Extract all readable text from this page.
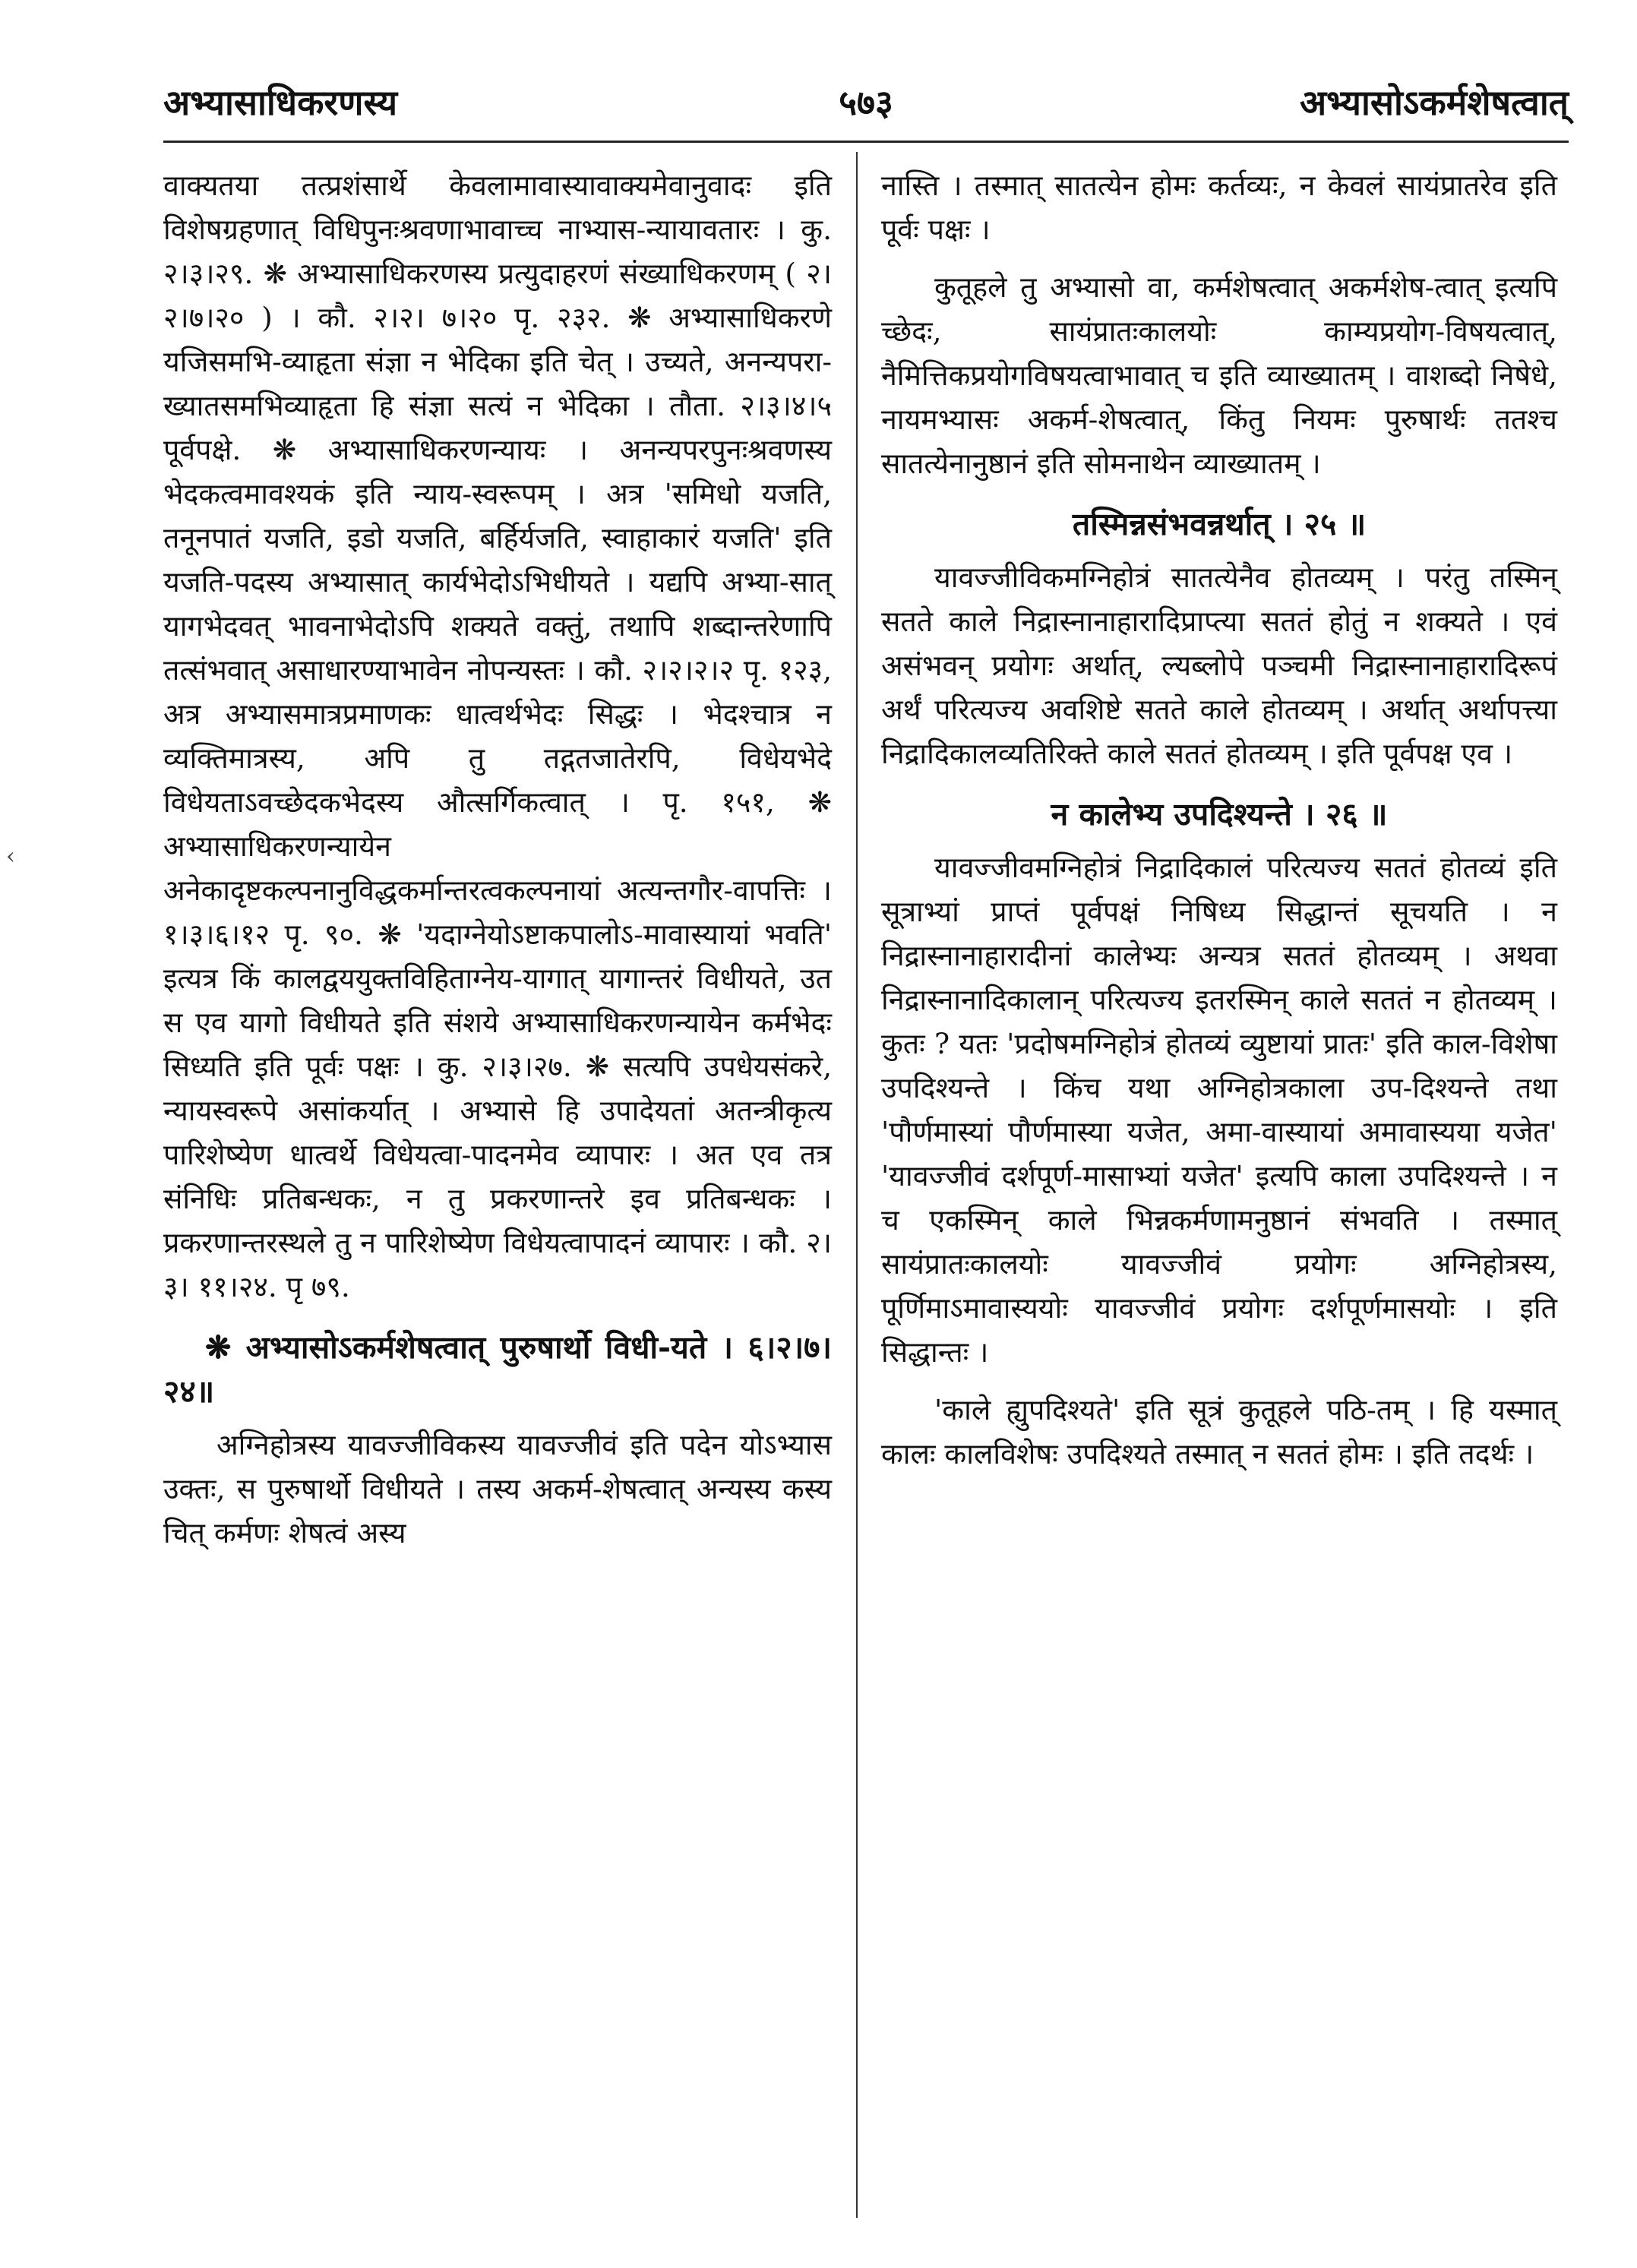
अभ्यासाधिकरणस्य	५७३	अभ्यासोऽकर्मशेषत्वात्
‹

वाक्यतया तत्प्रशंसार्थे केवलामावास्यावाक्यमेवानुवादः इति विशेषग्रहणात् विधिपुनःश्रवणाभावाच्च नाभ्यास-न्यायावतारः । कु. २।३।२९. ❋ अभ्यासाधिकरणस्य प्रत्युदाहरणं संख्याधिकरणम् ( २।२।७।२० ) । कौ. २।२। ७।२० पृ. २३२. ❋ अभ्यासाधिकरणे यजिसमभि-व्याहृता संज्ञा न भेदिका इति चेत् । उच्यते, अनन्यपरा-ख्यातसमभिव्याहृता हि संज्ञा सत्यं न भेदिका । तौता. २।३।४।५ पूर्वपक्षे. ❋ अभ्यासाधिकरणन्यायः । अनन्यपरपुनःश्रवणस्य भेदकत्वमावश्यकं इति न्याय-स्वरूपम् । अत्र 'समिधो यजति, तनूनपातं यजति, इडो यजति, बर्हिर्यजति, स्वाहाकारं यजति' इति यजति-पदस्य अभ्यासात् कार्यभेदोऽभिधीयते । यद्यपि अभ्या-सात् यागभेदवत् भावनाभेदोऽपि शक्यते वक्तुं, तथापि शब्दान्तरेणापि तत्संभवात् असाधारण्याभावेन नोपन्यस्तः । कौ. २।२।२।२ पृ. १२३, अत्र अभ्यासमात्रप्रमाणकः धात्वर्थभेदः सिद्धः । भेदश्चात्र न व्यक्तिमात्रस्य, अपि तु तद्गतजातेरपि, विधेयभेदे विधेयताऽवच्छेदकभेदस्य औत्सर्गिकत्वात् । पृ. १५१, ❋ अभ्यासाधिकरणन्यायेन अनेकादृष्टकल्पनानुविद्धकर्मान्तरत्वकल्पनायां अत्यन्तगौर-वापत्तिः । १।३।६।१२ पृ. ९०. ❋ 'यदाग्नेयोऽष्टाकपालोऽ-मावास्यायां भवति' इत्यत्र किं कालद्वययुक्तविहिताग्नेय-यागात् यागान्तरं विधीयते, उत स एव यागो विधीयते इति संशये अभ्यासाधिकरणन्यायेन कर्मभेदः सिध्यति इति पूर्वः पक्षः । कु. २।३।२७. ❋ सत्यपि उपधेयसंकरे, न्यायस्वरूपे असांकर्यात् । अभ्यासे हि उपादेयतां अतन्त्रीकृत्य पारिशेष्येण धात्वर्थे विधेयत्वा-पादनमेव व्यापारः । अत एव तत्र संनिधिः प्रतिबन्धकः, न तु प्रकरणान्तरे इव प्रतिबन्धकः । प्रकरणान्तरस्थले तु न पारिशेष्येण विधेयत्वापादनं व्यापारः । कौ. २।३। ११।२४. पृ ७९.

❋ अभ्यासोऽकर्मशेषत्वात् पुरुषार्थो विधी-यते । ६।२।७।२४॥

अग्निहोत्रस्य यावज्जीविकस्य यावज्जीवं इति पदेन योऽभ्यास उक्तः, स पुरुषार्थो विधीयते । तस्य अकर्म-शेषत्वात् अन्यस्य कस्य चित् कर्मणः शेषत्वं अस्य

नास्ति । तस्मात् सातत्येन होमः कर्तव्यः, न केवलं सायंप्रातरेव इति पूर्वः पक्षः ।

कुतूहले तु अभ्यासो वा, कर्मशेषत्वात् अकर्मशेष-त्वात् इत्यपि च्छेदः, सायंप्रातःकालयोः काम्यप्रयोग-विषयत्वात्, नैमित्तिकप्रयोगविषयत्वाभावात् च इति व्याख्यातम् । वाशब्दो निषेधे, नायमभ्यासः अकर्म-शेषत्वात्, किंतु नियमः पुरुषार्थः ततश्च सातत्येनानुष्ठानं इति सोमनाथेन व्याख्यातम् ।

तस्मिन्नसंभवन्नर्थात् । २५ ॥

यावज्जीविकमग्निहोत्रं सातत्येनैव होतव्यम् । परंतु तस्मिन् सतते काले निद्रास्नानाहारादिप्राप्त्या सततं होतुं न शक्यते । एवं असंभवन् प्रयोगः अर्थात्, ल्यब्लोपे पञ्चमी निद्रास्नानाहारादिरूपं अर्थं परित्यज्य अवशिष्टे सतते काले होतव्यम् । अर्थात् अर्थापत्त्या निद्रादिकालव्यतिरिक्ते काले सततं होतव्यम् । इति पूर्वपक्ष एव ।

न कालेभ्य उपदिश्यन्ते । २६ ॥

यावज्जीवमग्निहोत्रं निद्रादिकालं परित्यज्य सततं होतव्यं इति सूत्राभ्यां प्राप्तं पूर्वपक्षं निषिध्य सिद्धान्तं सूचयति । न निद्रास्नानाहारादीनां कालेभ्यः अन्यत्र सततं होतव्यम् । अथवा निद्रास्नानादिकालान् परित्यज्य इतरस्मिन् काले सततं न होतव्यम् । कुतः ? यतः 'प्रदोषमग्निहोत्रं होतव्यं व्युष्टायां प्रातः' इति काल-विशेषा उपदिश्यन्ते । किंच यथा अग्निहोत्रकाला उप-दिश्यन्ते तथा 'पौर्णमास्यां पौर्णमास्या यजेत, अमा-वास्यायां अमावास्यया यजेत' 'यावज्जीवं दर्शपूर्ण-मासाभ्यां यजेत' इत्यपि काला उपदिश्यन्ते । न च एकस्मिन् काले भिन्नकर्मणामनुष्ठानं संभवति । तस्मात् सायंप्रातःकालयोः यावज्जीवं प्रयोगः अग्निहोत्रस्य, पूर्णिमाऽमावास्ययोः यावज्जीवं प्रयोगः दर्शपूर्णमासयोः । इति सिद्धान्तः ।

'काले ह्युपदिश्यते' इति सूत्रं कुतूहले पठि-तम् । हि यस्मात् कालः कालविशेषः उपदिश्यते तस्मात् न सततं होमः । इति तदर्थः ।
